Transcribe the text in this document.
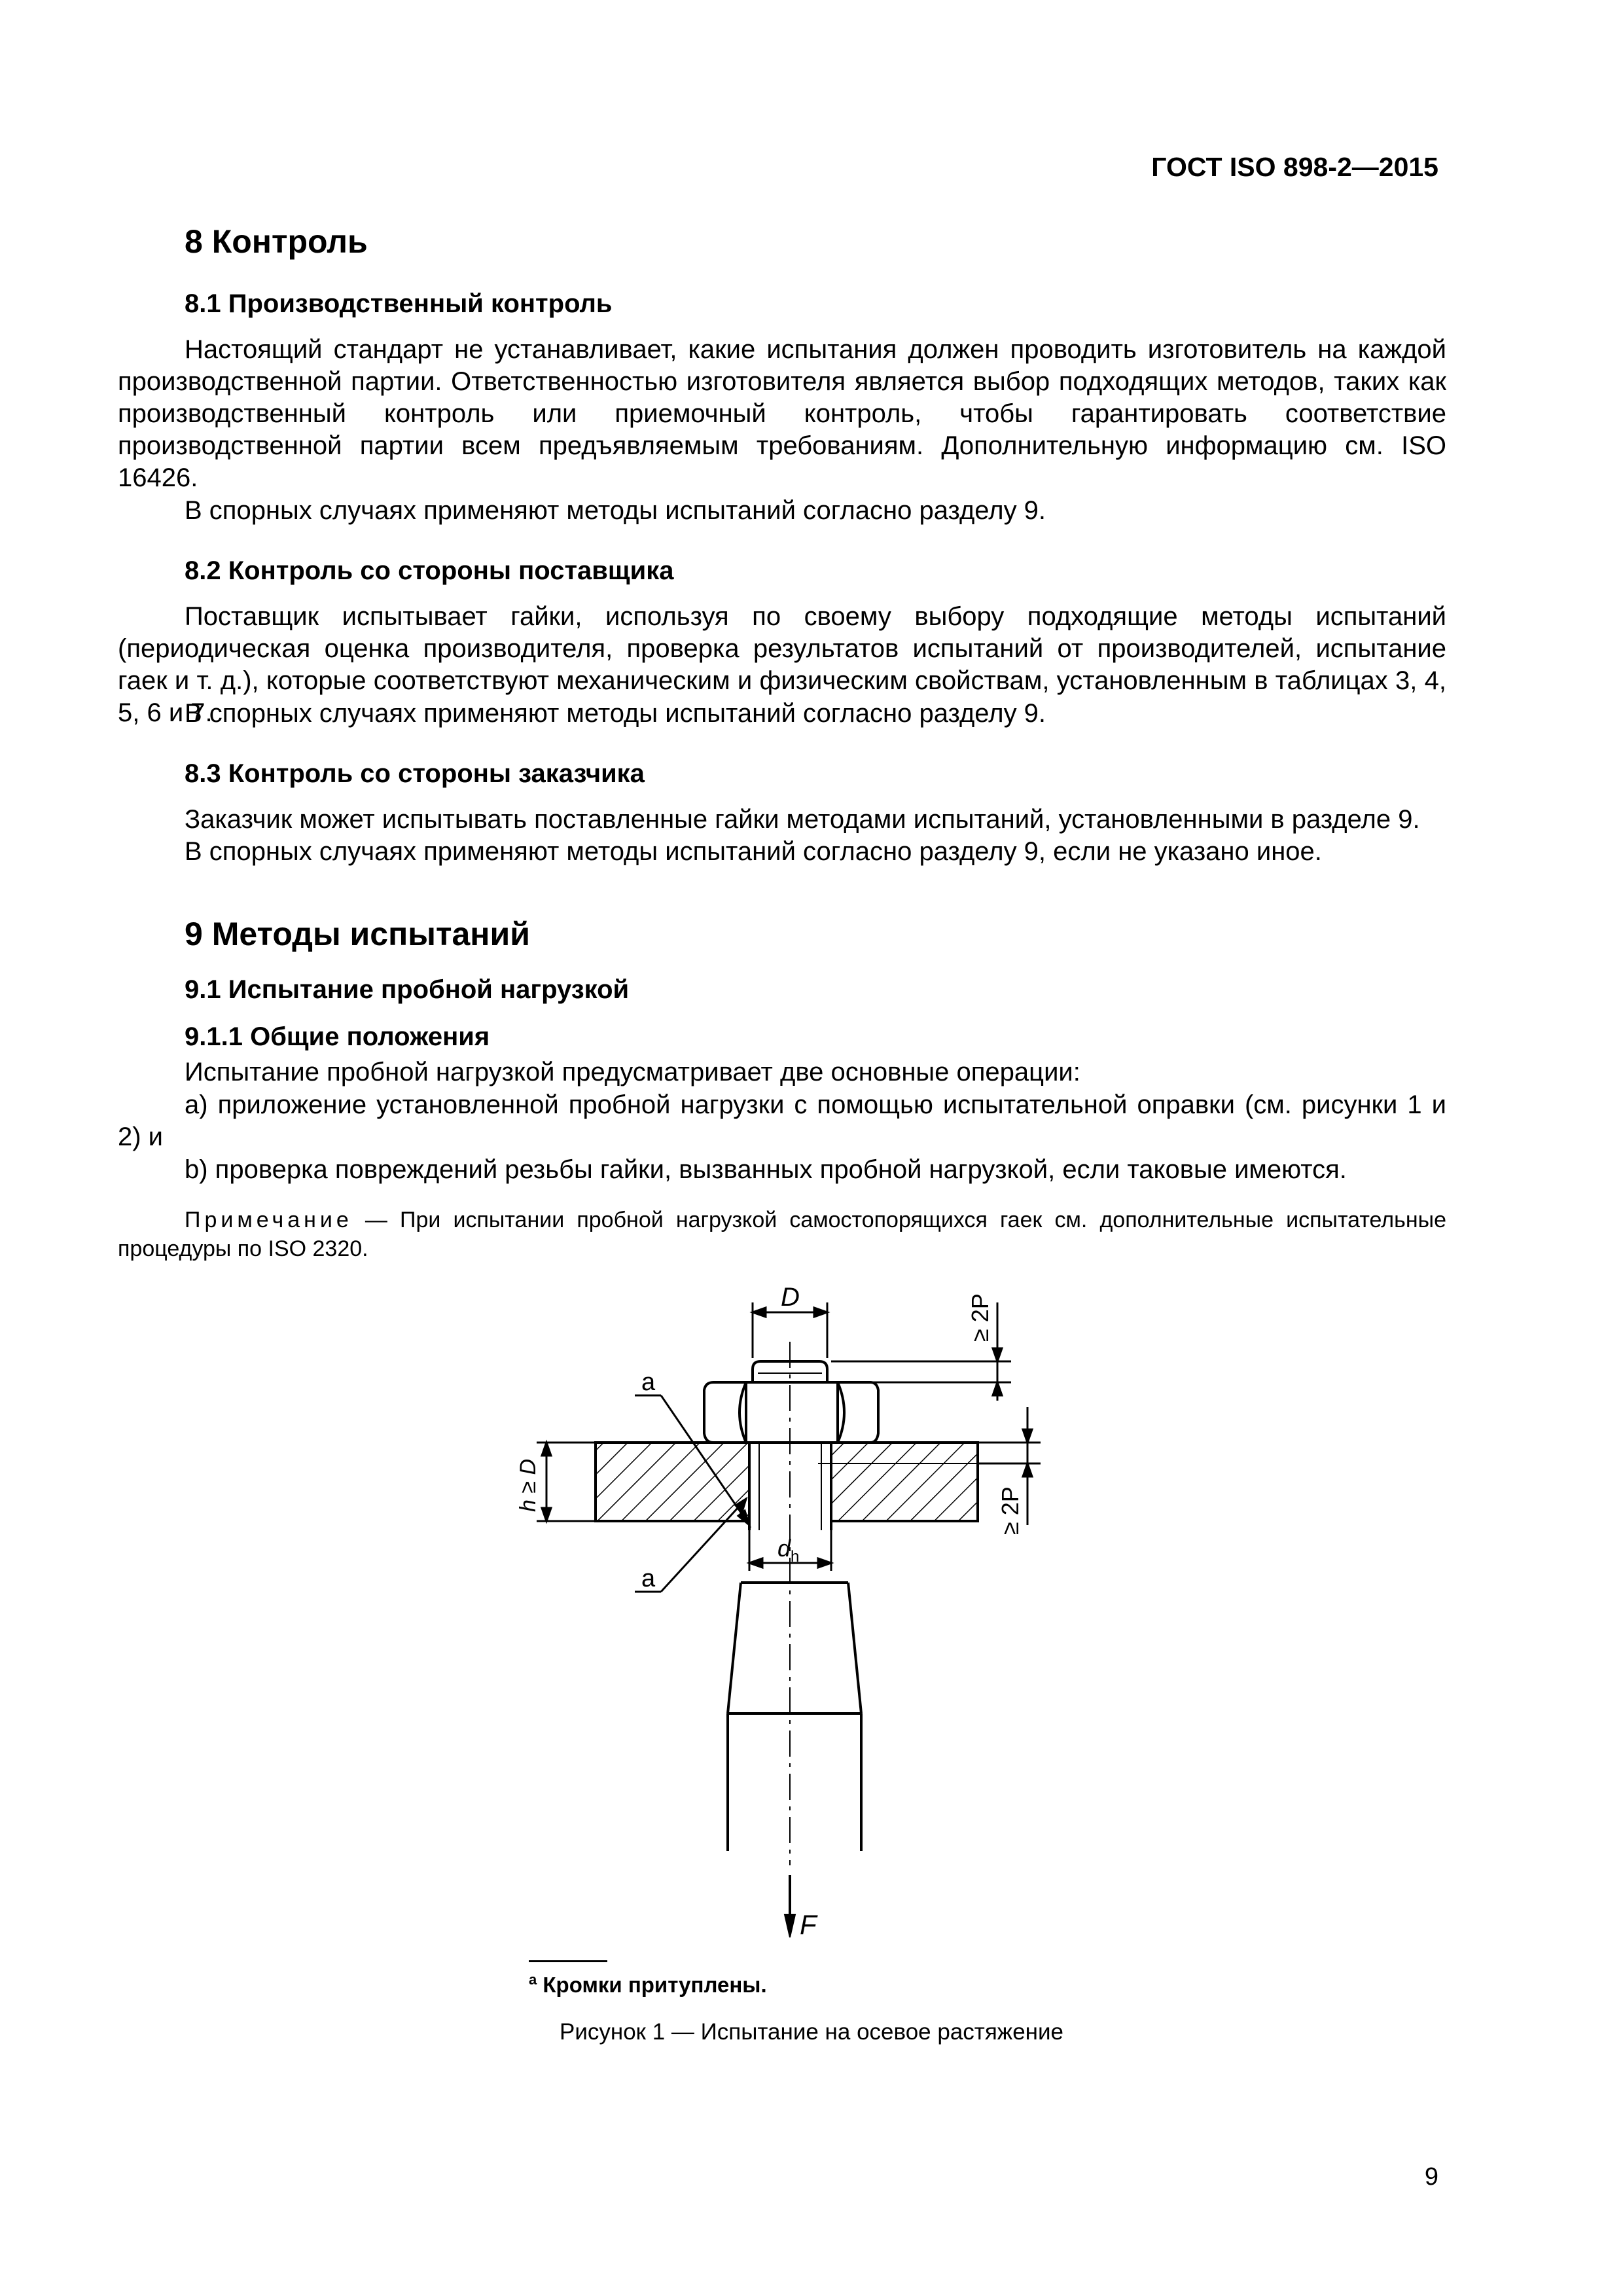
ГОСТ ISO 898-2—2015
8 Контроль
8.1 Производственный контроль

Настоящий стандарт не устанавливает, какие испытания должен проводить изготовитель на каждой производственной партии. Ответственностью изготовителя является выбор подходящих методов, таких как производственный контроль или приемочный контроль, чтобы гарантировать соответствие производственной партии всем предъявляемым требованиям. Дополнительную информацию см. ISO 16426.

В спорных случаях применяют методы испытаний согласно разделу 9.
8.2 Контроль со стороны поставщика

Поставщик испытывает гайки, используя по своему выбору подходящие методы испытаний (периодическая оценка производителя, проверка результатов испытаний от производителей, испытание гаек и т. д.), которые соответствуют механическим и физическим свойствам, установленным в таблицах 3, 4, 5, 6 и 7.

В спорных случаях применяют методы испытаний согласно разделу 9.
8.3 Контроль со стороны заказчика
Заказчик может испытывать поставленные гайки методами испытаний, установленными в разделе 9.
В спорных случаях применяют методы испытаний согласно разделу 9, если не указано иное.
9 Методы испытаний
9.1 Испытание пробной нагрузкой
9.1.1 Общие положения
Испытание пробной нагрузкой предусматривает две основные операции:

а) приложение установленной пробной нагрузки с помощью испытательной оправки (см. рисунки 1 и 2) и

b) проверка повреждений резьбы гайки, вызванных пробной нагрузкой, если таковые имеются.

Примечание — При испытании пробной нагрузкой самостопорящихся гаек см. дополнительные испытательные процедуры по ISO 2320.

F
D	≥ 2P
≥ 2P
h ≥ D
$d_h$
a
a
$^a$ Кромки притуплены.
Рисунок 1 — Испытание на осевое растяжение
9
